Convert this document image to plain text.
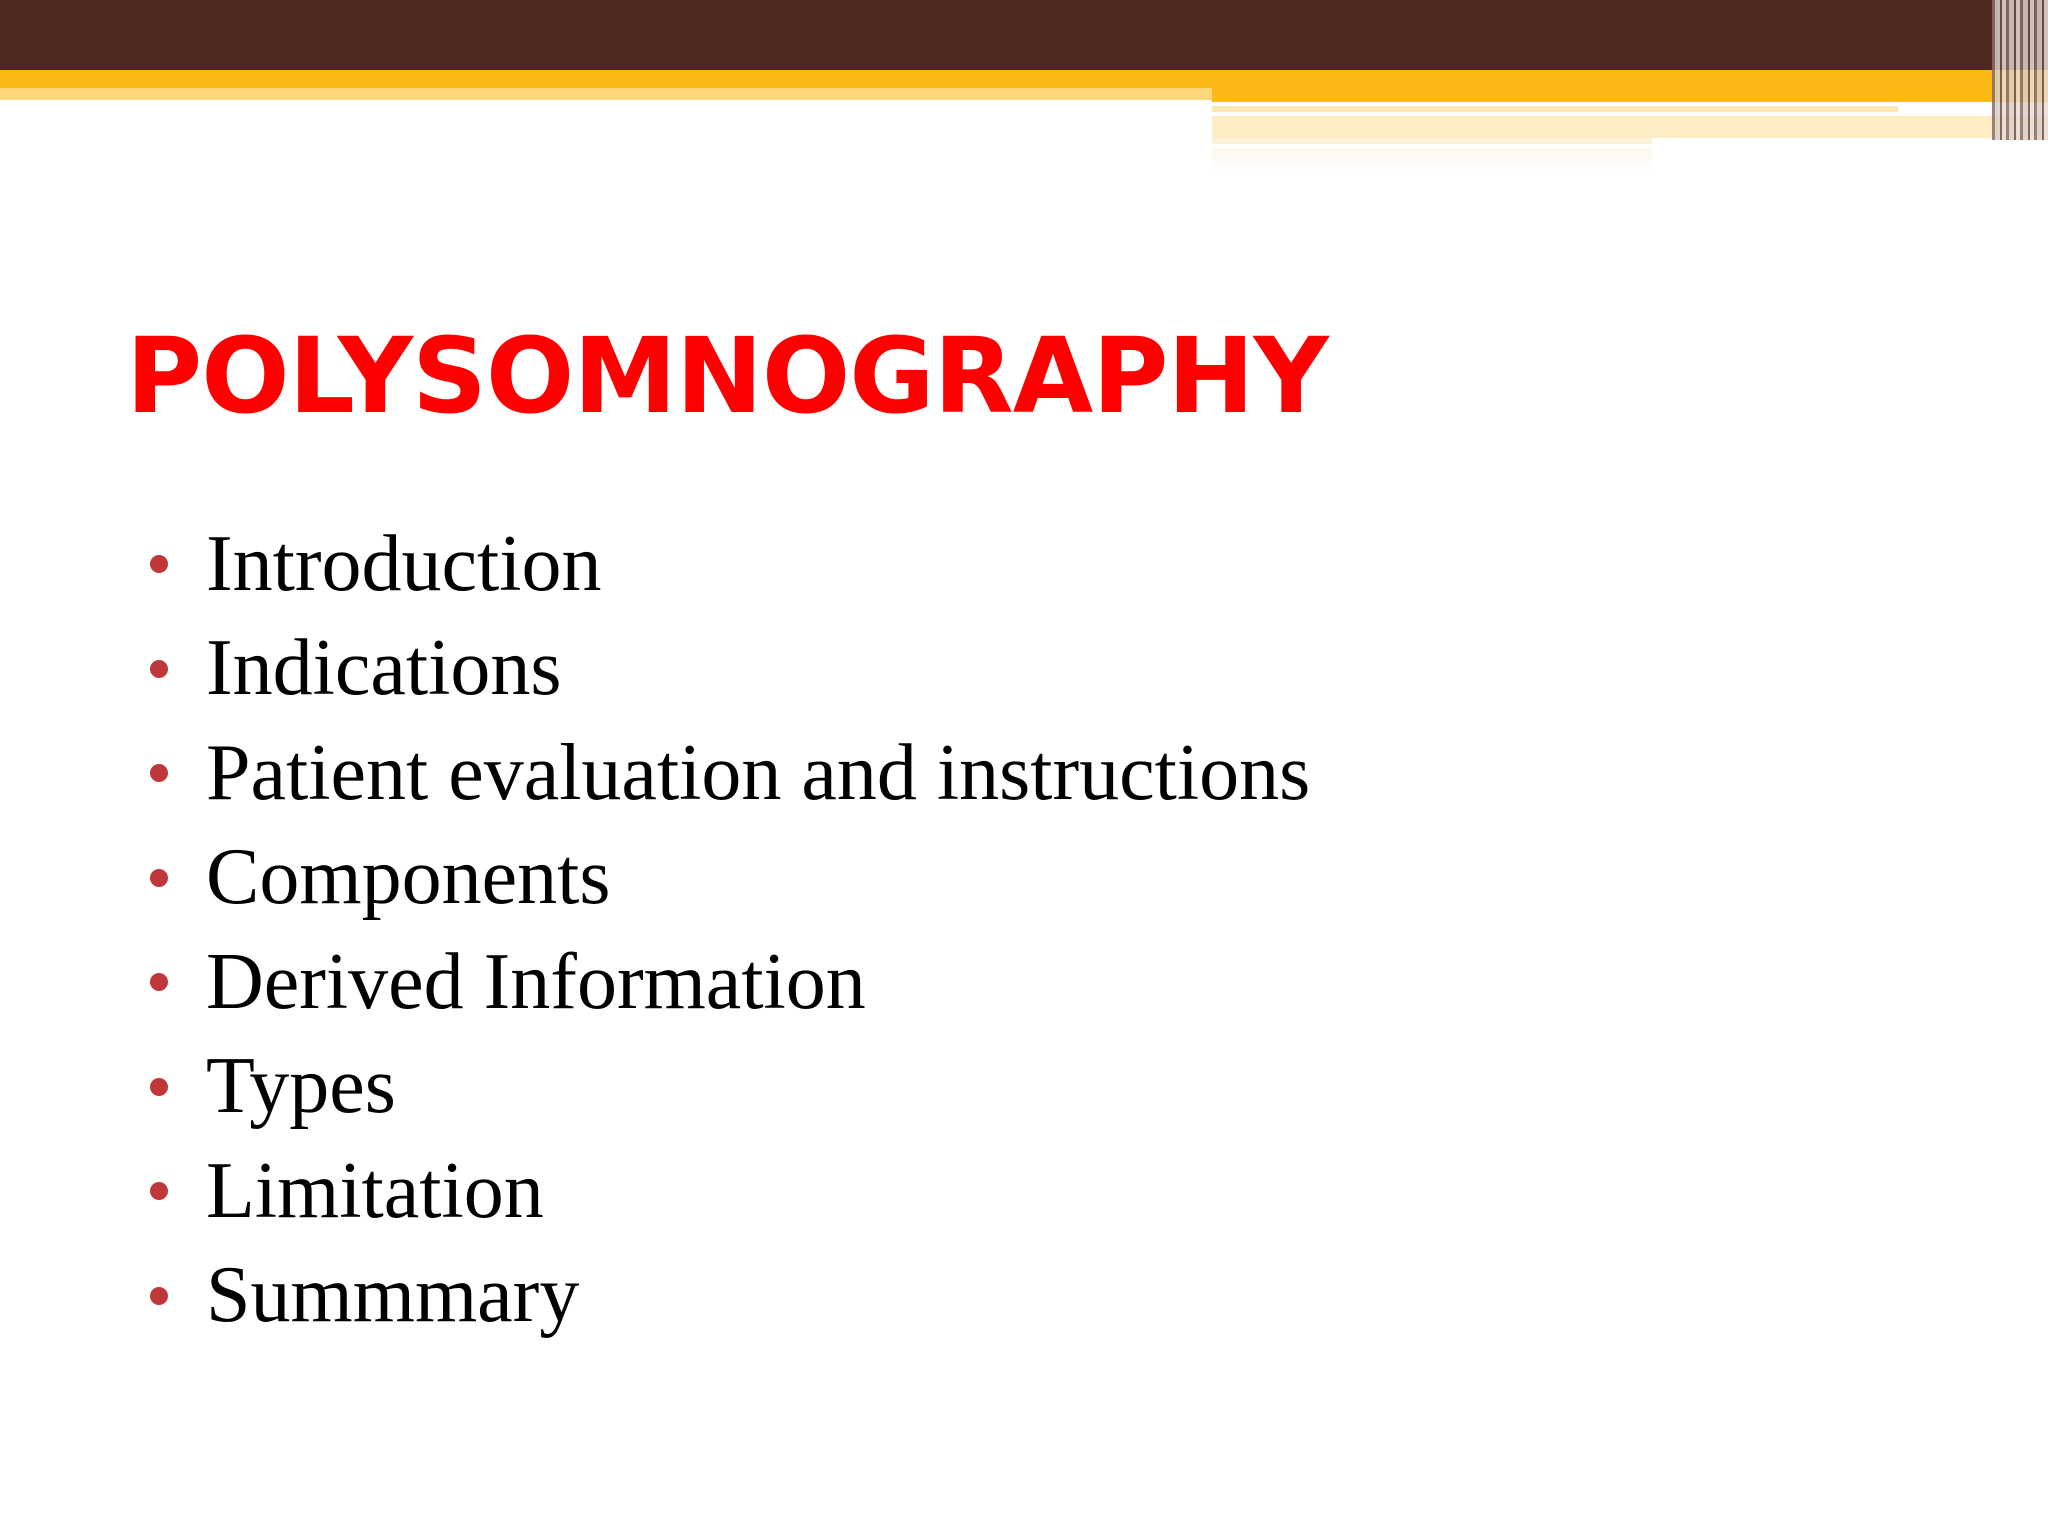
POLYSOMNOGRAPHY
Introduction
Indications
Patient evaluation and instructions
Components
Derived Information
Types
Limitation
Summmary
